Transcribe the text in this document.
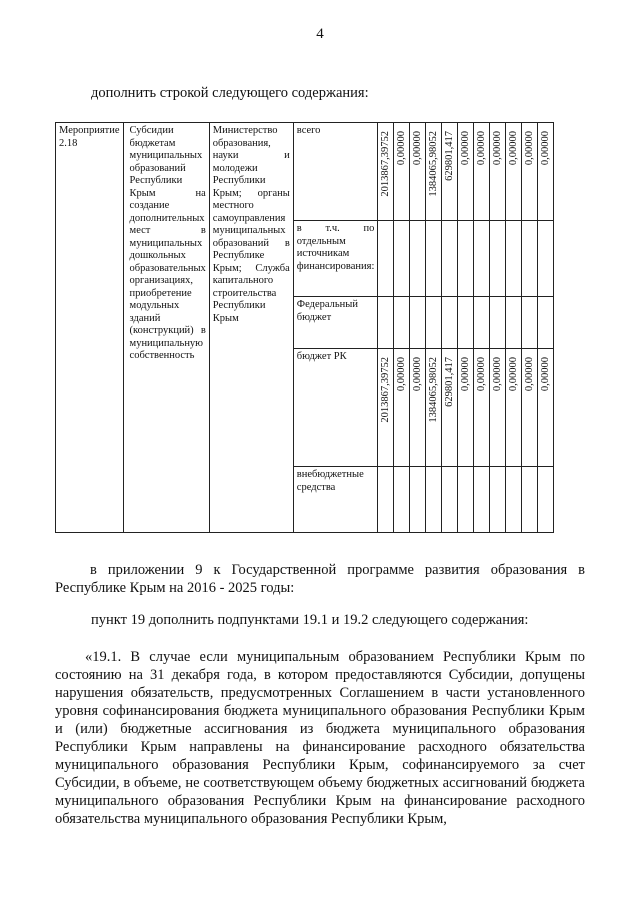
4
дополнить строкой следующего содержания:
Мероприятие 2.18	Субсидии бюджетам муниципальных образований Республики Крым на создание дополнительных мест в муниципальных дошкольных образовательных организациях, приобретение модульных зданий (конструкций) в муниципальную собственность	Министерство образования, науки и молодежи Республики Крым; органы местного самоуправления муниципальных образований в Республике Крым; Служба капитального строительства Республики Крым	всего	2013867,39752	0,00000	0,00000	1384065,98052	629801,417	0,00000	0,00000	0,00000	0,00000	0,00000	0,00000

			в т.ч. по отдельным источникам финансирования:											
			Федеральный бюджет											
			бюджет РК	2013867,39752	0,00000	0,00000	1384065,98052	629801,417	0,00000	0,00000	0,00000	0,00000	0,00000	0,00000

			внебюджетные средства											
в приложении 9 к Государственной программе развития образования в Республике Крым на 2016 - 2025 годы:
пункт 19 дополнить подпунктами 19.1 и 19.2 следующего содержания:
«19.1. В случае если муниципальным образованием Республики Крым по состоянию на 31 декабря года, в котором предоставляются Субсидии, допущены нарушения обязательств, предусмотренных Соглашением в части установленного уровня софинансирования бюджета муниципального образования Республики Крым и (или) бюджетные ассигнования из бюджета муниципального образования Республики Крым направлены на финансирование расходного обязательства муниципального образования Республики Крым, софинансируемого за счет Субсидии, в объеме, не соответствующем объему бюджетных ассигнований бюджета муниципального образования Республики Крым на финансирование расходного обязательства муниципального образования Республики Крым,
